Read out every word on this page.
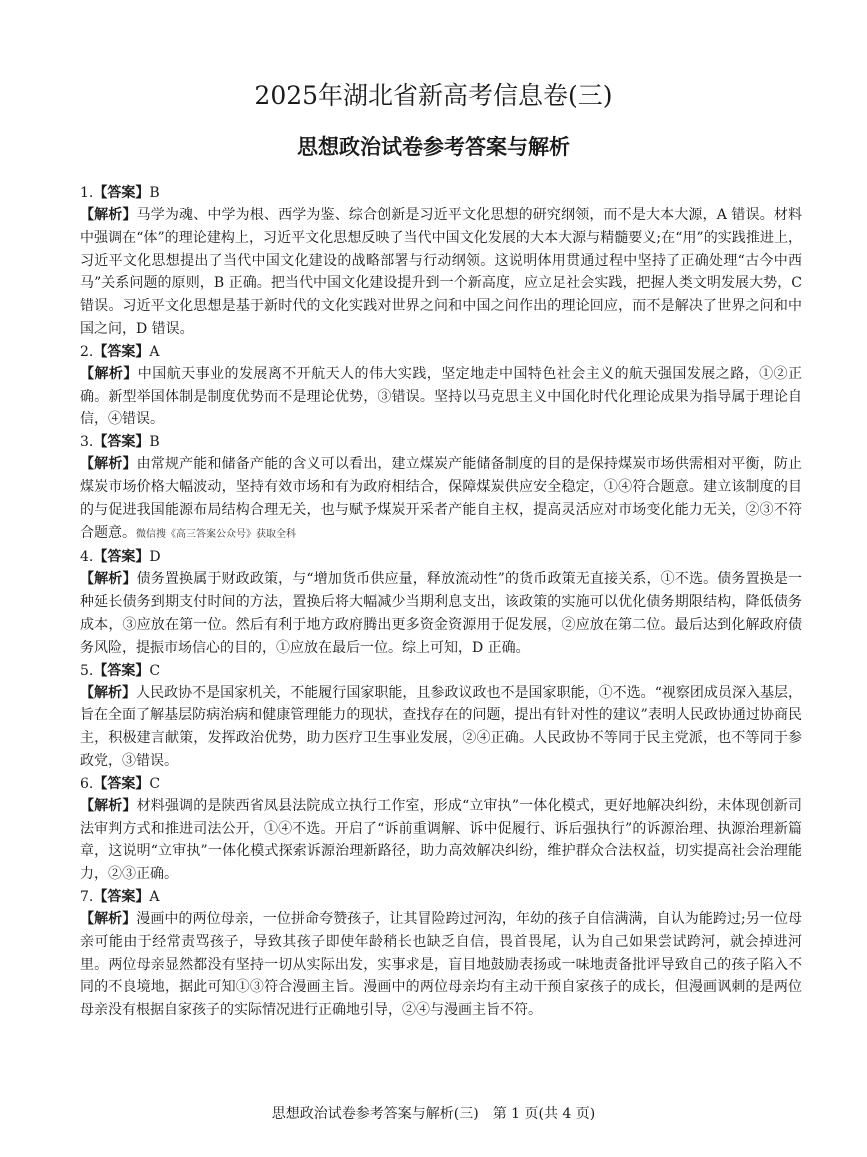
2025年湖北省新高考信息卷(三)
思想政治试卷参考答案与解析

1.【答案】B

【解析】马学为魂、中学为根、西学为鉴、综合创新是习近平文化思想的研究纲领，而不是大本大源，A 错误。材料中强调在“体”的理论建构上，习近平文化思想反映了当代中国文化发展的大本大源与精髓要义;在“用”的实践推进上，习近平文化思想提出了当代中国文化建设的战略部署与行动纲领。这说明体用贯通过程中坚持了正确处理“古今中西马”关系问题的原则，B 正确。把当代中国文化建设提升到一个新高度，应立足社会实践，把握人类文明发展大势，C 错误。习近平文化思想是基于新时代的文化实践对世界之问和中国之问作出的理论回应，而不是解决了世界之问和中国之问，D 错误。

2.【答案】A

【解析】中国航天事业的发展离不开航天人的伟大实践，坚定地走中国特色社会主义的航天强国发展之路，①②正确。新型举国体制是制度优势而不是理论优势，③错误。坚持以马克思主义中国化时代化理论成果为指导属于理论自信，④错误。

3.【答案】B

【解析】由常规产能和储备产能的含义可以看出，建立煤炭产能储备制度的目的是保持煤炭市场供需相对平衡，防止煤炭市场价格大幅波动，坚持有效市场和有为政府相结合，保障煤炭供应安全稳定，①④符合题意。建立该制度的目的与促进我国能源布局结构合理无关，也与赋予煤炭开采者产能自主权，提高灵活应对市场变化能力无关，②③不符合题意。微信搜《高三答案公众号》获取全科

4.【答案】D

【解析】债务置换属于财政政策，与“增加货币供应量，释放流动性”的货币政策无直接关系，①不选。债务置换是一种延长债务到期支付时间的方法，置换后将大幅减少当期利息支出，该政策的实施可以优化债务期限结构，降低债务成本，③应放在第一位。然后有利于地方政府腾出更多资金资源用于促发展，②应放在第二位。最后达到化解政府债务风险，提振市场信心的目的，①应放在最后一位。综上可知，D 正确。

5.【答案】C

【解析】人民政协不是国家机关，不能履行国家职能，且参政议政也不是国家职能，①不选。“视察团成员深入基层，旨在全面了解基层防病治病和健康管理能力的现状，查找存在的问题，提出有针对性的建议”表明人民政协通过协商民主，积极建言献策，发挥政治优势，助力医疗卫生事业发展，②④正确。人民政协不等同于民主党派，也不等同于参政党，③错误。

6.【答案】C

【解析】材料强调的是陕西省凤县法院成立执行工作室，形成“立审执”一体化模式，更好地解决纠纷，未体现创新司法审判方式和推进司法公开，①④不选。开启了“诉前重调解、诉中促履行、诉后强执行”的诉源治理、执源治理新篇章，这说明“立审执”一体化模式探索诉源治理新路径，助力高效解决纠纷，维护群众合法权益，切实提高社会治理能力，②③正确。

7.【答案】A

【解析】漫画中的两位母亲，一位拼命夸赞孩子，让其冒险跨过河沟，年幼的孩子自信满满，自认为能跨过;另一位母亲可能由于经常责骂孩子，导致其孩子即使年龄稍长也缺乏自信，畏首畏尾，认为自己如果尝试跨河，就会掉进河里。两位母亲显然都没有坚持一切从实际出发，实事求是，盲目地鼓励表扬或一味地责备批评导致自己的孩子陷入不同的不良境地，据此可知①③符合漫画主旨。漫画中的两位母亲均有主动干预自家孩子的成长，但漫画讽刺的是两位母亲没有根据自家孩子的实际情况进行正确地引导，②④与漫画主旨不符。

思想政治试卷参考答案与解析(三)　第 1 页(共 4 页)
